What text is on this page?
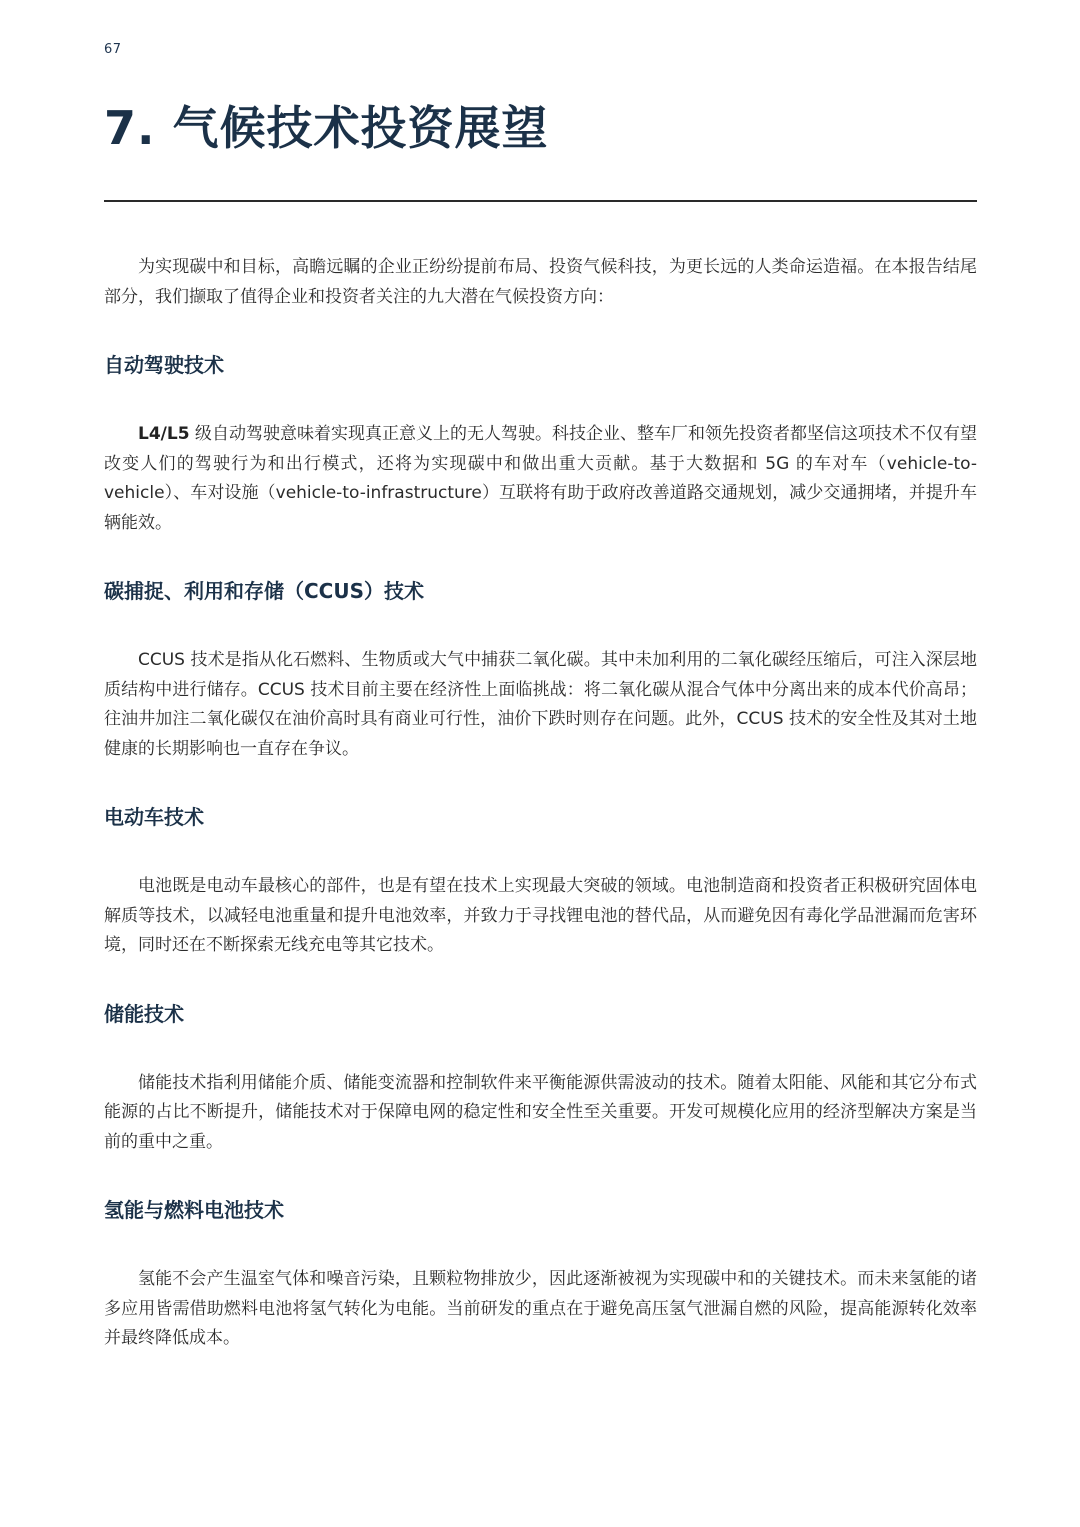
67
7. 气候技术投资展望

为实现碳中和目标，高瞻远瞩的企业正纷纷提前布局、投资气候科技，为更长远的人类命运造福。在本报告结尾部分，我们撷取了值得企业和投资者关注的九大潜在气候投资方向：

自动驾驶技术

L4/L5 级自动驾驶意味着实现真正意义上的无人驾驶。科技企业、整车厂和领先投资者都坚信这项技术不仅有望改变人们的驾驶行为和出行模式，还将为实现碳中和做出重大贡献。基于大数据和 5G 的车对车（vehicle-to-vehicle）、车对设施（vehicle-to-infrastructure）互联将有助于政府改善道路交通规划，减少交通拥堵，并提升车辆能效。

碳捕捉、利用和存储（CCUS）技术

CCUS 技术是指从化石燃料、生物质或大气中捕获二氧化碳。其中未加利用的二氧化碳经压缩后，可注入深层地质结构中进行储存。CCUS 技术目前主要在经济性上面临挑战：将二氧化碳从混合气体中分离出来的成本代价高昂；往油井加注二氧化碳仅在油价高时具有商业可行性，油价下跌时则存在问题。此外，CCUS 技术的安全性及其对土地健康的长期影响也一直存在争议。

电动车技术

电池既是电动车最核心的部件，也是有望在技术上实现最大突破的领域。电池制造商和投资者正积极研究固体电解质等技术，以减轻电池重量和提升电池效率，并致力于寻找锂电池的替代品，从而避免因有毒化学品泄漏而危害环境，同时还在不断探索无线充电等其它技术。

储能技术

储能技术指利用储能介质、储能变流器和控制软件来平衡能源供需波动的技术。随着太阳能、风能和其它分布式能源的占比不断提升，储能技术对于保障电网的稳定性和安全性至关重要。开发可规模化应用的经济型解决方案是当前的重中之重。

氢能与燃料电池技术

氢能不会产生温室气体和噪音污染，且颗粒物排放少，因此逐渐被视为实现碳中和的关键技术。而未来氢能的诸多应用皆需借助燃料电池将氢气转化为电能。当前研发的重点在于避免高压氢气泄漏自燃的风险，提高能源转化效率并最终降低成本。
